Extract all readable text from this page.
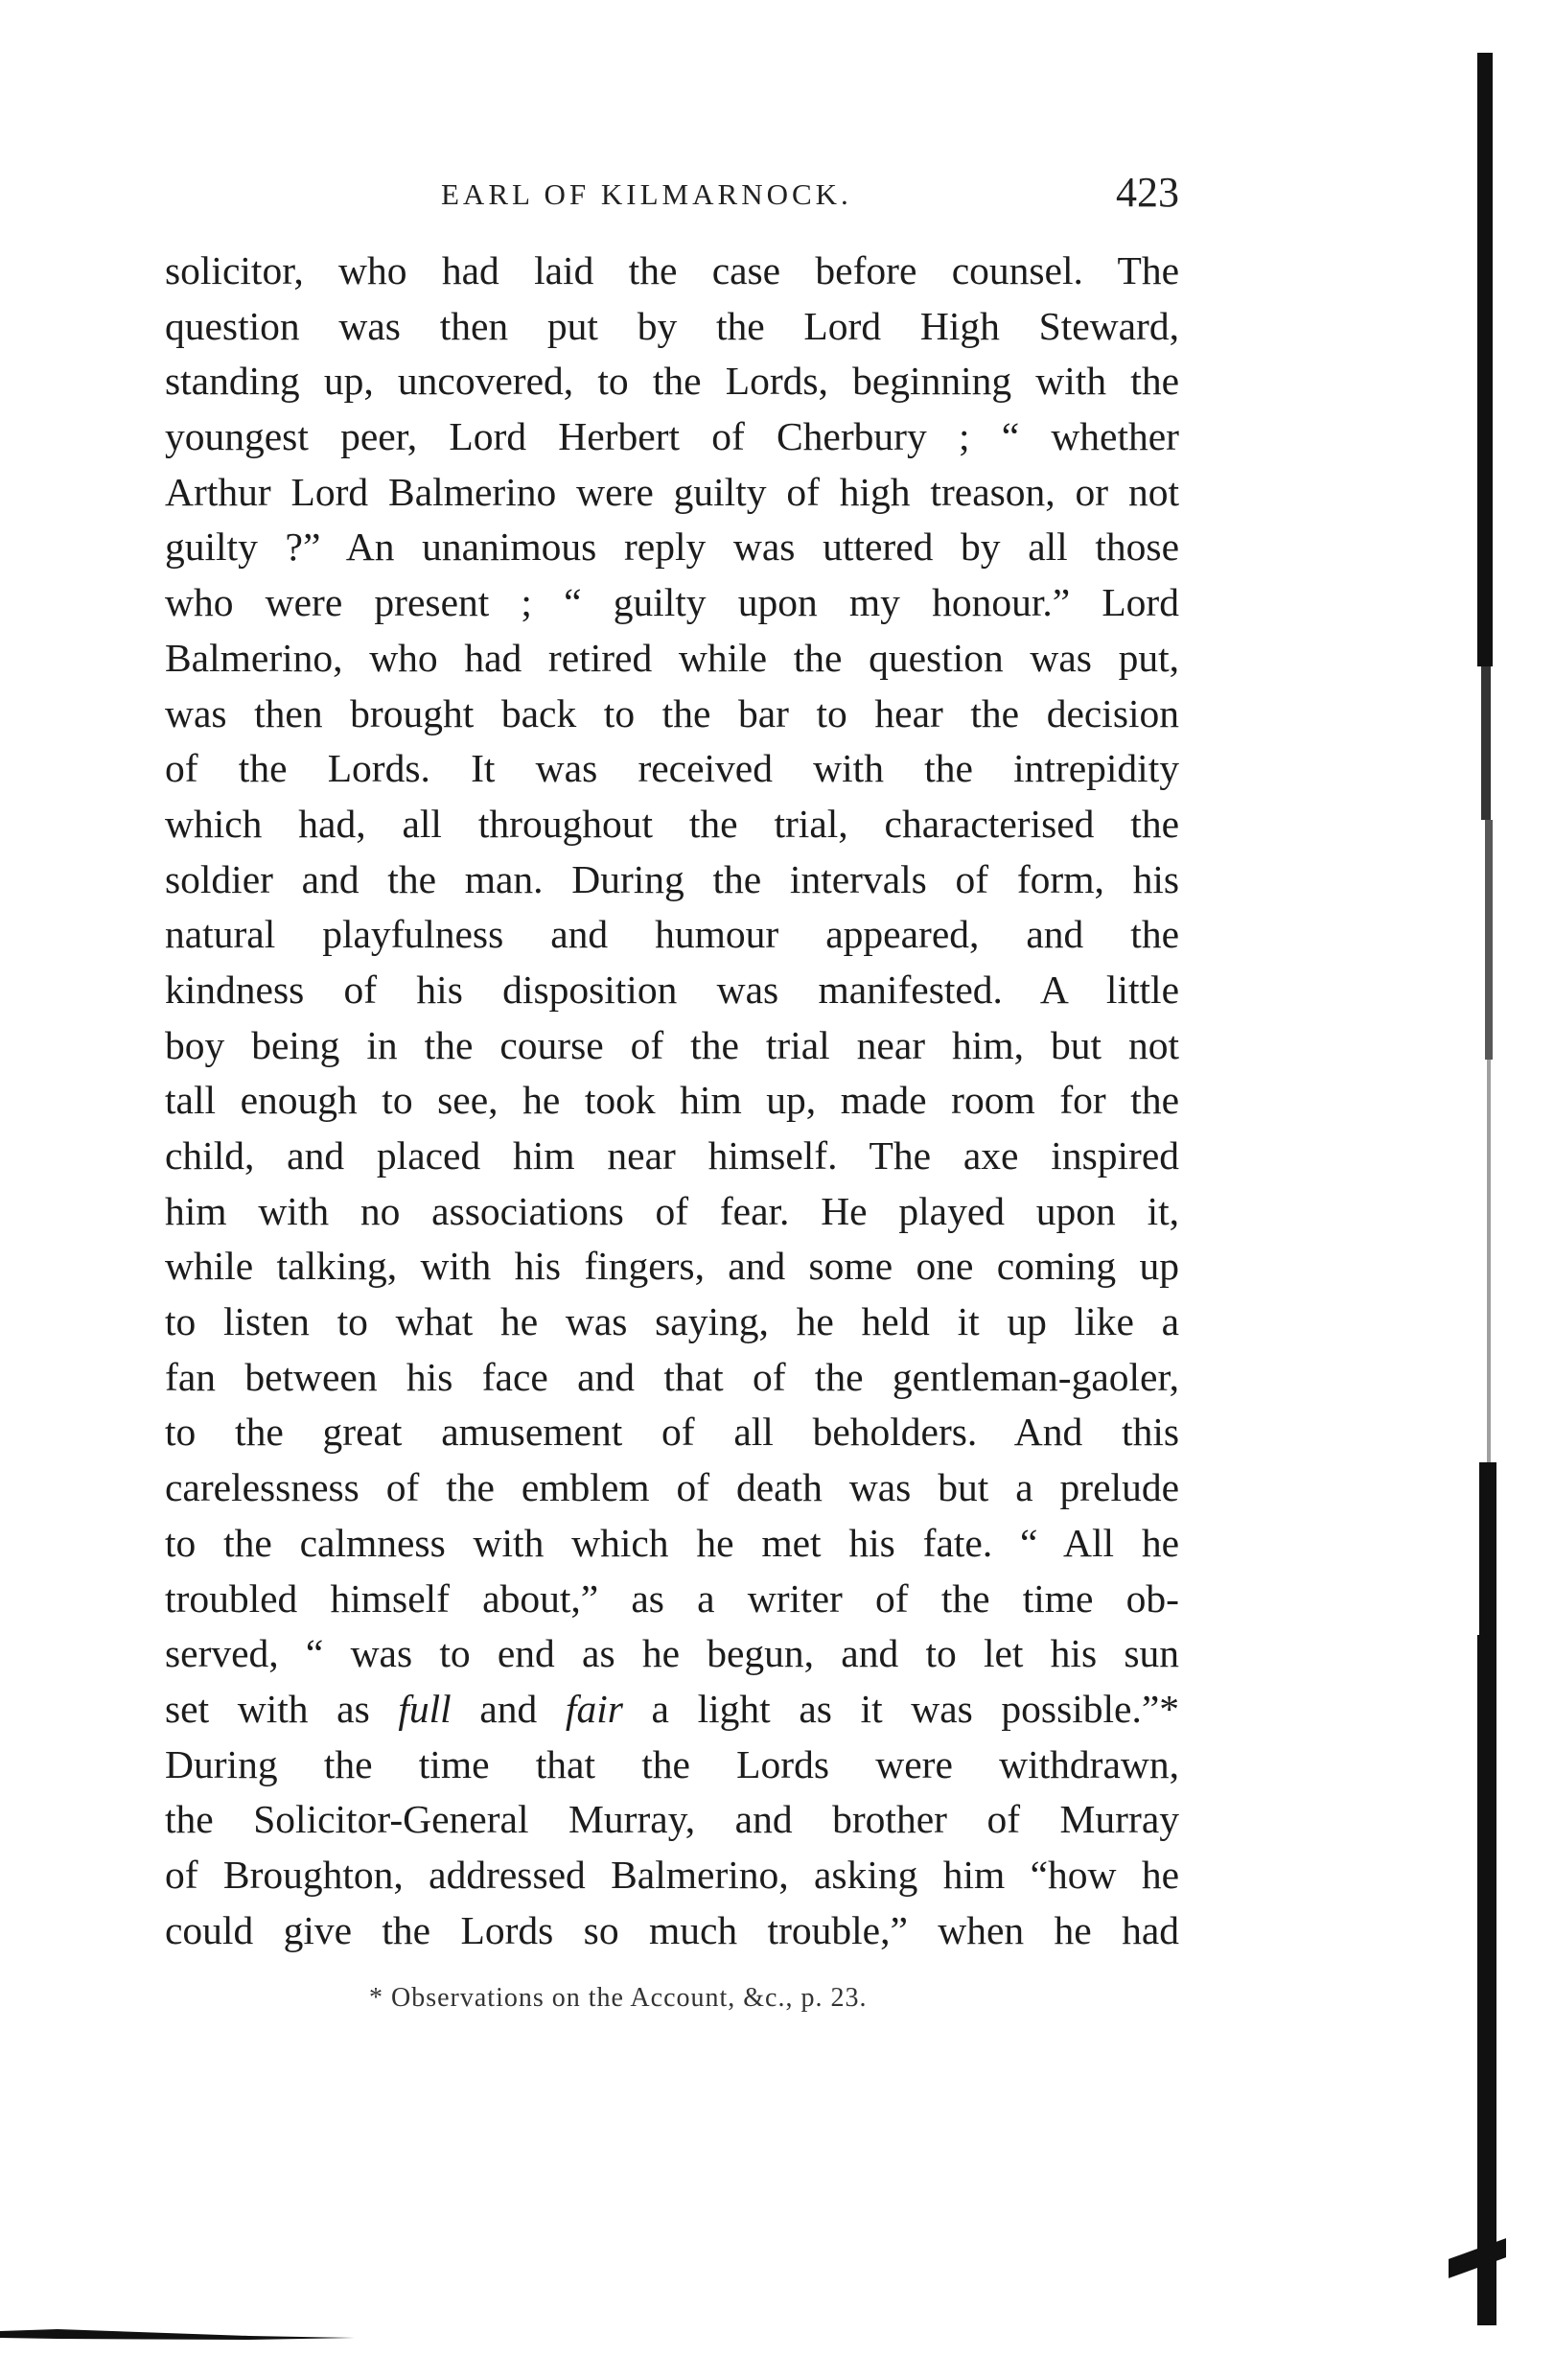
EARL OF KILMARNOCK.	423
solicitor, who had laid the case before counsel. The
question was then put by the Lord High Steward,
standing up, uncovered, to the Lords, beginning with the
youngest peer, Lord Herbert of Cherbury ; “ whether
Arthur Lord Balmerino were guilty of high treason, or not
guilty ?” An unanimous reply was uttered by all those
who were present ; “ guilty upon my honour.” Lord
Balmerino, who had retired while the question was put,
was then brought back to the bar to hear the decision
of the Lords. It was received with the intrepidity
which had, all throughout the trial, characterised the
soldier and the man. During the intervals of form, his
natural playfulness and humour appeared, and the
kindness of his disposition was manifested. A little
boy being in the course of the trial near him, but not
tall enough to see, he took him up, made room for the
child, and placed him near himself. The axe inspired
him with no associations of fear. He played upon it,
while talking, with his fingers, and some one coming up
to listen to what he was saying, he held it up like a
fan between his face and that of the gentleman-gaoler,
to the great amusement of all beholders. And this
carelessness of the emblem of death was but a prelude
to the calmness with which he met his fate. “ All he
troubled himself about,” as a writer of the time ob-
served, “ was to end as he begun, and to let his sun
set with as full and fair a light as it was possible.”*
During the time that the Lords were withdrawn,
the Solicitor-General Murray, and brother of Murray
of Broughton, addressed Balmerino, asking him “how he
could give the Lords so much trouble,” when he had
* Observations on the Account, &c., p. 23.
